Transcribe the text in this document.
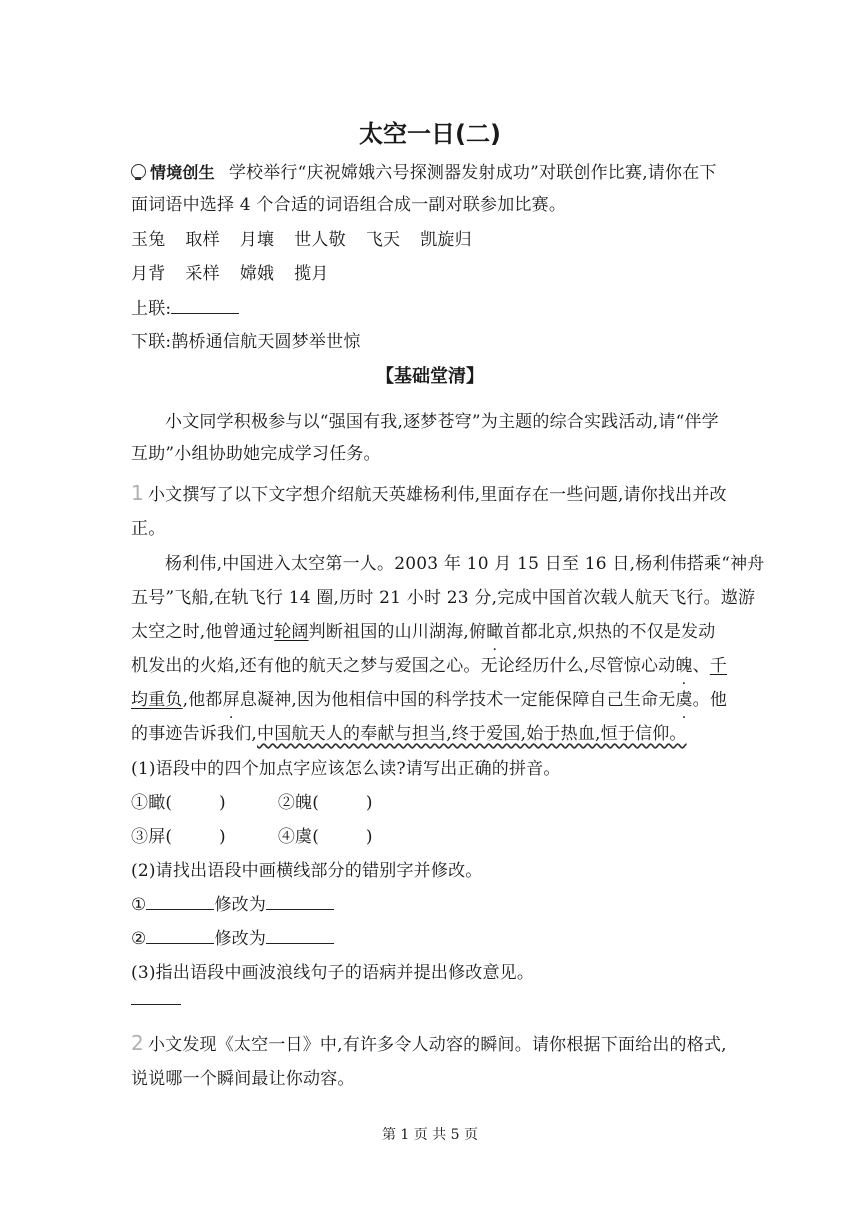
太空一日(二)
情境创生 学校举行“庆祝嫦娥六号探测器发射成功”对联创作比赛,请你在下
面词语中选择 4 个合适的词语组合成一副对联参加比赛。
玉兔 取样 月壤 世人敬 飞天 凯旋归
月背 采样 嫦娥 揽月
上联:
下联:鹊桥通信航天圆梦举世惊
【基础堂清】
小文同学积极参与以“强国有我,逐梦苍穹”为主题的综合实践活动,请“伴学
互助”小组协助她完成学习任务。
1 小文撰写了以下文字想介绍航天英雄杨利伟,里面存在一些问题,请你找出并改
正。
杨利伟,中国进入太空第一人。2003 年 10 月 15 日至 16 日,杨利伟搭乘“神舟
五号”飞船,在轨飞行 14 圈,历时 21 小时 23 分,完成中国首次载人航天飞行。遨游
太空之时,他曾通过轮阔判断祖国的山川湖海,俯瞰首都北京,炽热的不仅是发动
机发出的火焰,还有他的航天之梦与爱国之心。无论经历什么,尽管惊心动魄、千
均重负,他都屏息凝神,因为他相信中国的科学技术一定能保障自己生命无虞。他
的事迹告诉我们,中国航天人的奉献与担当,终于爱国,始于热血,恒于信仰。
(1)语段中的四个加点字应该怎么读?请写出正确的拼音。
①瞰(	)	②魄(	)
③屏(	)	④虞(	)
(2)请找出语段中画横线部分的错别字并修改。
①	修改为
②	修改为
(3)指出语段中画波浪线句子的语病并提出修改意见。
2 小文发现《太空一日》中,有许多令人动容的瞬间。请你根据下面给出的格式,
说说哪一个瞬间最让你动容。
第 1 页 共 5 页
